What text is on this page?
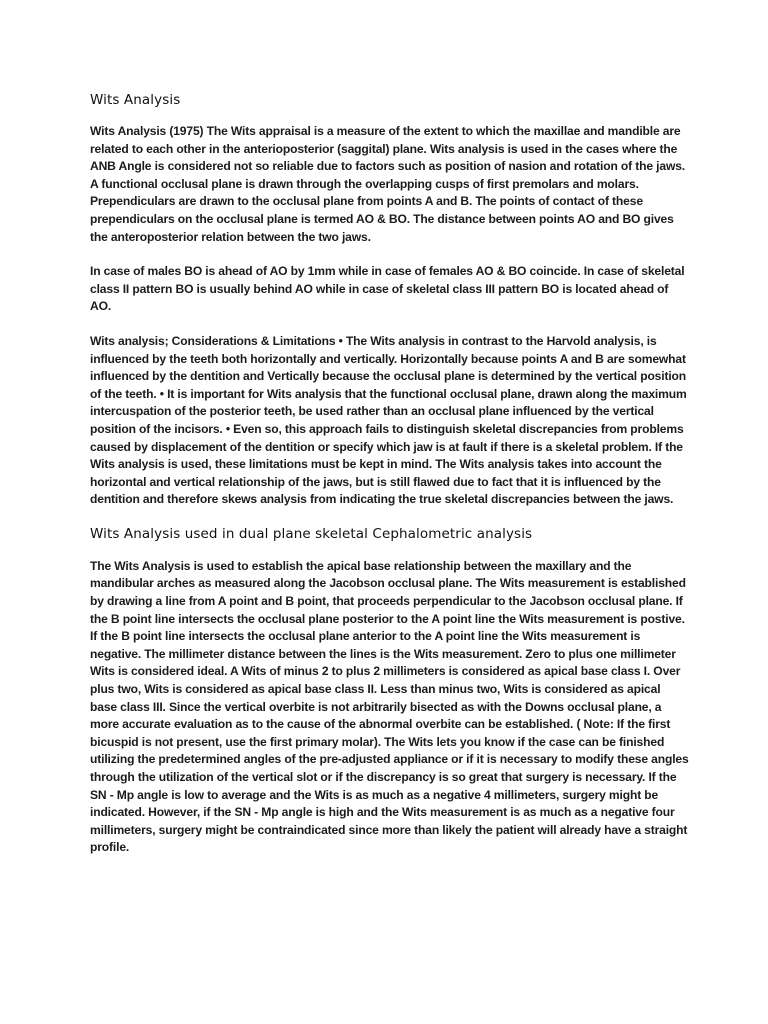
Wits Analysis

Wits Analysis (1975) The Wits appraisal is a measure of the extent to which the maxillae and mandible are related to each other in the anterioposterior (saggital) plane. Wits analysis is used in the cases where the ANB Angle is considered not so reliable due to factors such as position of nasion and rotation of the jaws. A functional occlusal plane is drawn through the overlapping cusps of first premolars and molars. Prependiculars are drawn to the occlusal plane from points A and B. The points of contact of these prependiculars on the occlusal plane is termed AO & BO. The distance between points AO and BO gives the anteroposterior relation between the two jaws.

In case of males BO is ahead of AO by 1mm while in case of females AO & BO coincide. In case of skeletal class II pattern BO is usually behind AO while in case of skeletal class III pattern BO is located ahead of AO.

Wits analysis; Considerations & Limitations • The Wits analysis in contrast to the Harvold analysis, is influenced by the teeth both horizontally and vertically. Horizontally because points A and B are somewhat influenced by the dentition and Vertically because the occlusal plane is determined by the vertical position of the teeth. • It is important for Wits analysis that the functional occlusal plane, drawn along the maximum intercuspation of the posterior teeth, be used rather than an occlusal plane influenced by the vertical position of the incisors. • Even so, this approach fails to distinguish skeletal discrepancies from problems caused by displacement of the dentition or specify which jaw is at fault if there is a skeletal problem. If the Wits analysis is used, these limitations must be kept in mind. The Wits analysis takes into account the horizontal and vertical relationship of the jaws, but is still flawed due to fact that it is influenced by the dentition and therefore skews analysis from indicating the true skeletal discrepancies between the jaws.

Wits Analysis used in dual plane skeletal Cephalometric analysis

The Wits Analysis is used to establish the apical base relationship between the maxillary and the mandibular arches as measured along the Jacobson occlusal plane. The Wits measurement is established by drawing a line from A point and B point, that proceeds perpendicular to the Jacobson occlusal plane. If the B point line intersects the occlusal plane posterior to the A point line the Wits measurement is postive. If the B point line intersects the occlusal plane anterior to the A point line the Wits measurement is negative. The millimeter distance between the lines is the Wits measurement. Zero to plus one millimeter Wits is considered ideal. A Wits of minus 2 to plus 2 millimeters is considered as apical base class I. Over plus two, Wits is considered as apical base class II. Less than minus two, Wits is considered as apical base class III. Since the vertical overbite is not arbitrarily bisected as with the Downs occlusal plane, a more accurate evaluation as to the cause of the abnormal overbite can be established. ( Note: If the first bicuspid is not present, use the first primary molar). The Wits lets you know if the case can be finished utilizing the predetermined angles of the pre-adjusted appliance or if it is necessary to modify these angles through the utilization of the vertical slot or if the discrepancy is so great that surgery is necessary. If the SN - Mp angle is low to average and the Wits is as much as a negative 4 millimeters, surgery might be indicated. However, if the SN - Mp angle is high and the Wits measurement is as much as a negative four millimeters, surgery might be contraindicated since more than likely the patient will already have a straight profile.
